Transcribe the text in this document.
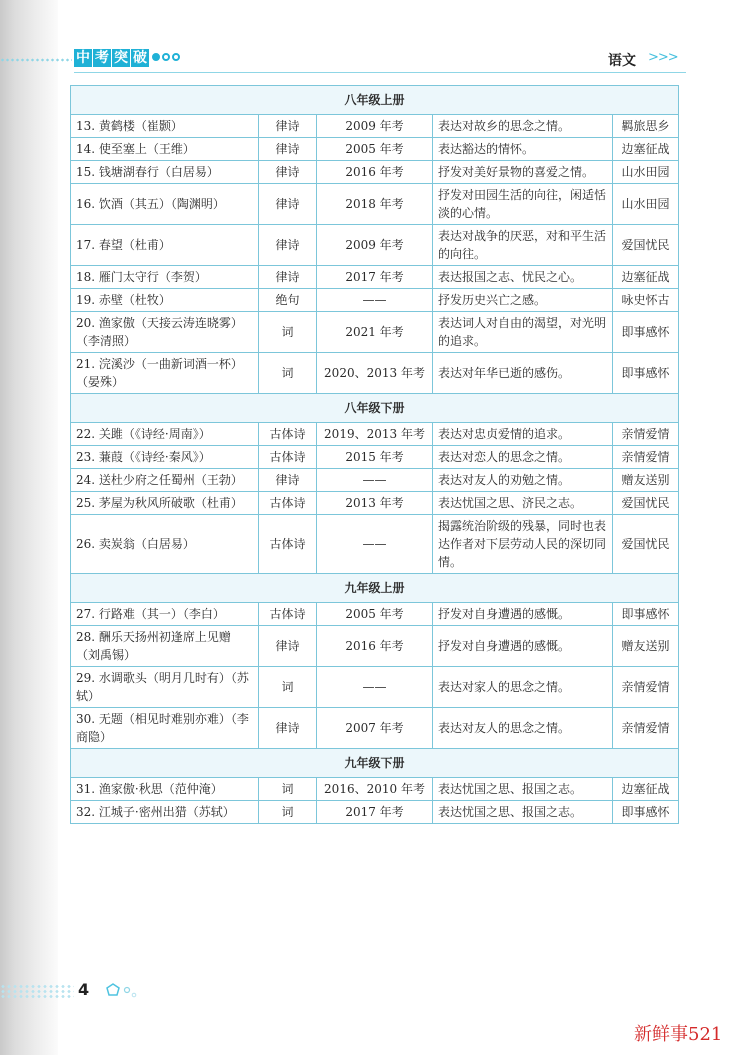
中 考 突 破	语文 >>>
八年级上册				
13. 黄鹤楼（崔颢）	律诗	2009 年考	表达对故乡的思念之情。	羁旅思乡
14. 使至塞上（王维）	律诗	2005 年考	表达豁达的情怀。	边塞征战
15. 钱塘湖春行（白居易）	律诗	2016 年考	抒发对美好景物的喜爱之情。	山水田园
16. 饮酒（其五）（陶渊明）	律诗	2018 年考	抒发对田园生活的向往，闲适恬淡的心情。	山水田园
17. 春望（杜甫）	律诗	2009 年考	表达对战争的厌恶，对和平生活的向往。	爱国忧民
18. 雁门太守行（李贺）	律诗	2017 年考	表达报国之志、忧民之心。	边塞征战
19. 赤壁（杜牧）	绝句	——	抒发历史兴亡之感。	咏史怀古
20. 渔家傲（天接云涛连晓雾）（李清照）	词	2021 年考	表达词人对自由的渴望，对光明的追求。	即事感怀
21. 浣溪沙（一曲新词酒一杯）（晏殊）	词	2020、2013 年考	表达对年华已逝的感伤。	即事感怀
八年级下册				
22. 关雎（《诗经·周南》）	古体诗	2019、2013 年考	表达对忠贞爱情的追求。	亲情爱情
23. 蒹葭（《诗经·秦风》）	古体诗	2015 年考	表达对恋人的思念之情。	亲情爱情
24. 送杜少府之任蜀州（王勃）	律诗	——	表达对友人的劝勉之情。	赠友送别
25. 茅屋为秋风所破歌（杜甫）	古体诗	2013 年考	表达忧国之思、济民之志。	爱国忧民
26. 卖炭翁（白居易）	古体诗	——	揭露统治阶级的残暴，同时也表达作者对下层劳动人民的深切同情。	爱国忧民
九年级上册				
27. 行路难（其一）（李白）	古体诗	2005 年考	抒发对自身遭遇的感慨。	即事感怀
28. 酬乐天扬州初逢席上见赠（刘禹锡）	律诗	2016 年考	抒发对自身遭遇的感慨。	赠友送别
29. 水调歌头（明月几时有）（苏轼）	词	——	表达对家人的思念之情。	亲情爱情
30. 无题（相见时难别亦难）（李商隐）	律诗	2007 年考	表达对友人的思念之情。	亲情爱情
九年级下册				
31. 渔家傲·秋思（范仲淹）	词	2016、2010 年考	表达忧国之思、报国之志。	边塞征战
32. 江城子·密州出猎（苏轼）	词	2017 年考	表达忧国之思、报国之志。	即事感怀
4
新鲜事521
